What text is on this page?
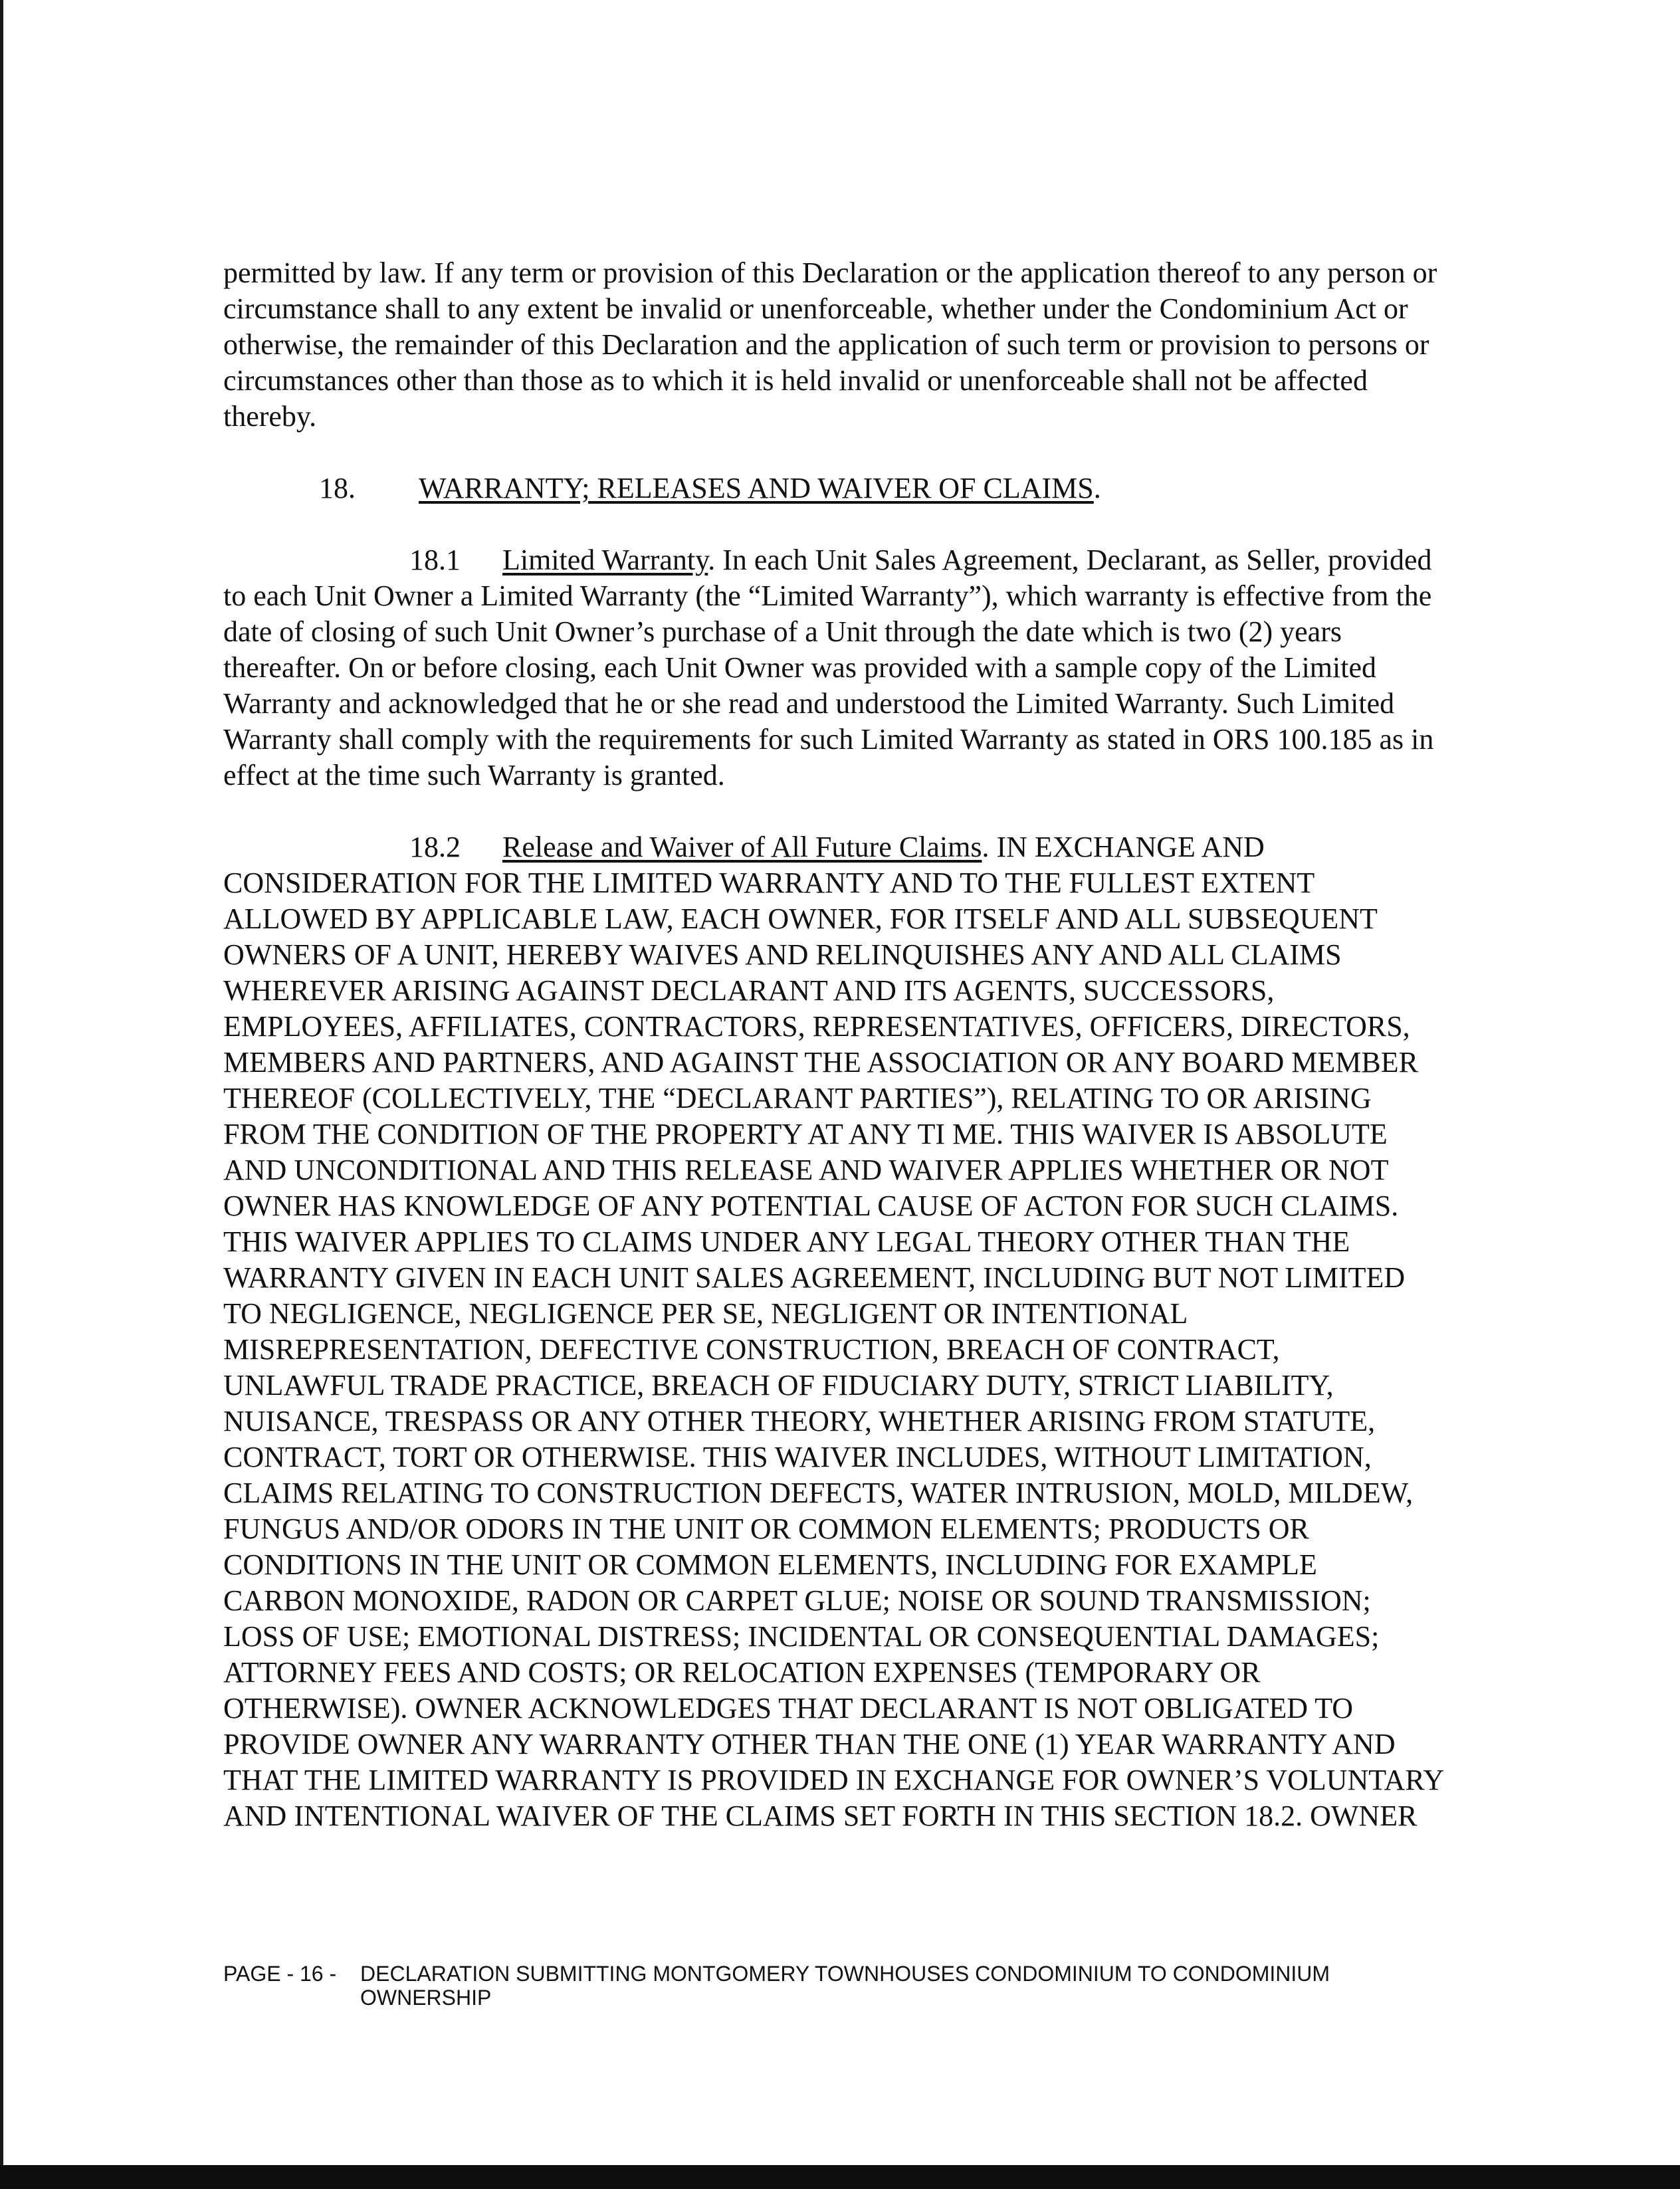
permitted by law. If any term or provision of this Declaration or the application thereof to any person or circumstance shall to any extent be invalid or unenforceable, whether under the Condominium Act or otherwise, the remainder of this Declaration and the application of such term or provision to persons or circumstances other than those as to which it is held invalid or unenforceable shall not be affected thereby.

18. WARRANTY; RELEASES AND WAIVER OF CLAIMS.

18.1 Limited Warranty. In each Unit Sales Agreement, Declarant, as Seller, provided to each Unit Owner a Limited Warranty (the “Limited Warranty”), which warranty is effective from the date of closing of such Unit Owner’s purchase of a Unit through the date which is two (2) years thereafter. On or before closing, each Unit Owner was provided with a sample copy of the Limited Warranty and acknowledged that he or she read and understood the Limited Warranty. Such Limited Warranty shall comply with the requirements for such Limited Warranty as stated in ORS 100.185 as in effect at the time such Warranty is granted.

18.2 Release and Waiver of All Future Claims. IN EXCHANGE AND CONSIDERATION FOR THE LIMITED WARRANTY AND TO THE FULLEST EXTENT ALLOWED BY APPLICABLE LAW, EACH OWNER, FOR ITSELF AND ALL SUBSEQUENT OWNERS OF A UNIT, HEREBY WAIVES AND RELINQUISHES ANY AND ALL CLAIMS WHEREVER ARISING AGAINST DECLARANT AND ITS AGENTS, SUCCESSORS, EMPLOYEES, AFFILIATES, CONTRACTORS, REPRESENTATIVES, OFFICERS, DIRECTORS, MEMBERS AND PARTNERS, AND AGAINST THE ASSOCIATION OR ANY BOARD MEMBER THEREOF (COLLECTIVELY, THE “DECLARANT PARTIES”), RELATING TO OR ARISING FROM THE CONDITION OF THE PROPERTY AT ANY TI ME. THIS WAIVER IS ABSOLUTE AND UNCONDITIONAL AND THIS RELEASE AND WAIVER APPLIES WHETHER OR NOT OWNER HAS KNOWLEDGE OF ANY POTENTIAL CAUSE OF ACTON FOR SUCH CLAIMS. THIS WAIVER APPLIES TO CLAIMS UNDER ANY LEGAL THEORY OTHER THAN THE WARRANTY GIVEN IN EACH UNIT SALES AGREEMENT, INCLUDING BUT NOT LIMITED TO NEGLIGENCE, NEGLIGENCE PER SE, NEGLIGENT OR INTENTIONAL MISREPRESENTATION, DEFECTIVE CONSTRUCTION, BREACH OF CONTRACT, UNLAWFUL TRADE PRACTICE, BREACH OF FIDUCIARY DUTY, STRICT LIABILITY, NUISANCE, TRESPASS OR ANY OTHER THEORY, WHETHER ARISING FROM STATUTE, CONTRACT, TORT OR OTHERWISE. THIS WAIVER INCLUDES, WITHOUT LIMITATION, CLAIMS RELATING TO CONSTRUCTION DEFECTS, WATER INTRUSION, MOLD, MILDEW, FUNGUS AND/OR ODORS IN THE UNIT OR COMMON ELEMENTS; PRODUCTS OR CONDITIONS IN THE UNIT OR COMMON ELEMENTS, INCLUDING FOR EXAMPLE CARBON MONOXIDE, RADON OR CARPET GLUE; NOISE OR SOUND TRANSMISSION; LOSS OF USE; EMOTIONAL DISTRESS; INCIDENTAL OR CONSEQUENTIAL DAMAGES; ATTORNEY FEES AND COSTS; OR RELOCATION EXPENSES (TEMPORARY OR OTHERWISE). OWNER ACKNOWLEDGES THAT DECLARANT IS NOT OBLIGATED TO PROVIDE OWNER ANY WARRANTY OTHER THAN THE ONE (1) YEAR WARRANTY AND THAT THE LIMITED WARRANTY IS PROVIDED IN EXCHANGE FOR OWNER’S VOLUNTARY AND INTENTIONAL WAIVER OF THE CLAIMS SET FORTH IN THIS SECTION 18.2. OWNER

PAGE - 16 - DECLARATION SUBMITTING MONTGOMERY TOWNHOUSES CONDOMINIUM TO CONDOMINIUM OWNERSHIP
